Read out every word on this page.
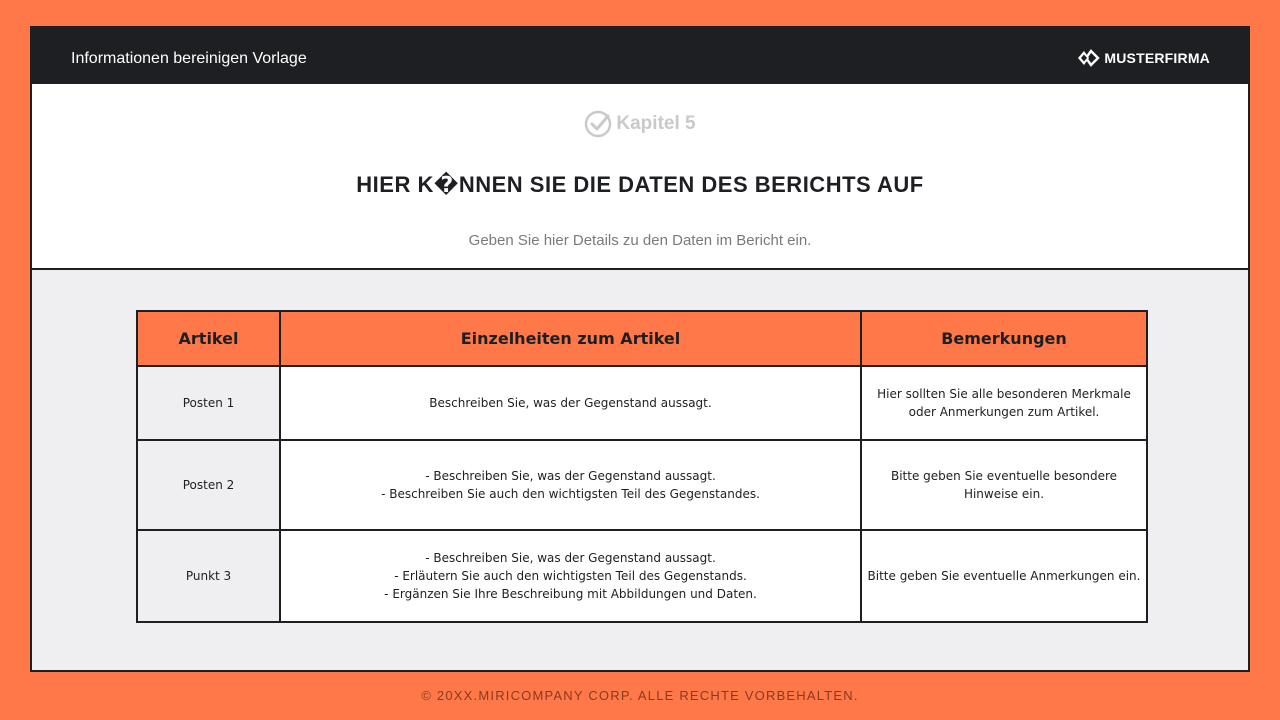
Informationen bereinigen Vorlage	MUSTERFIRMA
Kapitel 5
HIER K�NNEN SIE DIE DATEN DES BERICHTS AUF
Geben Sie hier Details zu den Daten im Bericht ein.
Artikel	Einzelheiten zum Artikel	Bemerkungen
Posten 1	Beschreiben Sie, was der Gegenstand aussagt.	Hier sollten Sie alle besonderen Merkmale
oder Anmerkungen zum Artikel.

Posten 2	- Beschreiben Sie, was der Gegenstand aussagt.
- Beschreiben Sie auch den wichtigsten Teil des Gegenstandes.	Bitte geben Sie eventuelle besondere Hinweise ein.

Punkt 3	- Beschreiben Sie, was der Gegenstand aussagt.
- Erläutern Sie auch den wichtigsten Teil des Gegenstands.
- Ergänzen Sie Ihre Beschreibung mit Abbildungen und Daten.	Bitte geben Sie eventuelle Anmerkungen ein.
© 20XX.MIRICOMPANY CORP. ALLE RECHTE VORBEHALTEN.
